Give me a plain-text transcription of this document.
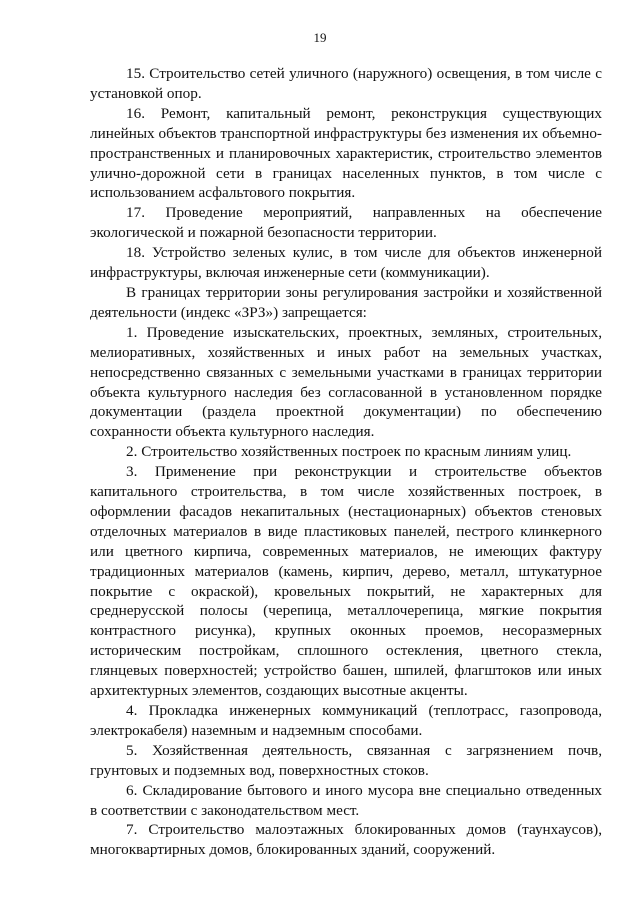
19

15. Строительство сетей уличного (наружного) освещения, в том числе с установкой опор.

16. Ремонт, капитальный ремонт, реконструкция существующих линейных объектов транспортной инфраструктуры без изменения их объемно-пространственных и планировочных характеристик, строительство элементов улично-дорожной сети в границах населенных пунктов, в том числе с использованием асфальтового покрытия.

17. Проведение мероприятий, направленных на обеспечение экологической и пожарной безопасности территории.

18. Устройство зеленых кулис, в том числе для объектов инженерной инфраструктуры, включая инженерные сети (коммуникации).

В границах территории зоны регулирования застройки и хозяйственной деятельности (индекс «ЗРЗ») запрещается:

1. Проведение изыскательских, проектных, земляных, строительных, мелиоративных, хозяйственных и иных работ на земельных участках, непосредственно связанных с земельными участками в границах территории объекта культурного наследия без согласованной в установленном порядке документации (раздела проектной документации) по обеспечению сохранности объекта культурного наследия.

2. Строительство хозяйственных построек по красным линиям улиц.

3. Применение при реконструкции и строительстве объектов капитального строительства, в том числе хозяйственных построек, в оформлении фасадов некапитальных (нестационарных) объектов стеновых отделочных материалов в виде пластиковых панелей, пестрого клинкерного или цветного кирпича, современных материалов, не имеющих фактуру традиционных материалов (камень, кирпич, дерево, металл, штукатурное покрытие с окраской), кровельных покрытий, не характерных для среднерусской полосы (черепица, металлочерепица, мягкие покрытия контрастного рисунка), крупных оконных проемов, несоразмерных историческим постройкам, сплошного остекления, цветного стекла, глянцевых поверхностей; устройство башен, шпилей, флагштоков или иных архитектурных элементов, создающих высотные акценты.

4. Прокладка инженерных коммуникаций (теплотрасс, газопровода, электрокабеля) наземным и надземным способами.

5. Хозяйственная деятельность, связанная с загрязнением почв, грунтовых и подземных вод, поверхностных стоков.

6. Складирование бытового и иного мусора вне специально отведенных в соответствии с законодательством мест.

7. Строительство малоэтажных блокированных домов (таунхаусов), многоквартирных домов, блокированных зданий, сооружений.
